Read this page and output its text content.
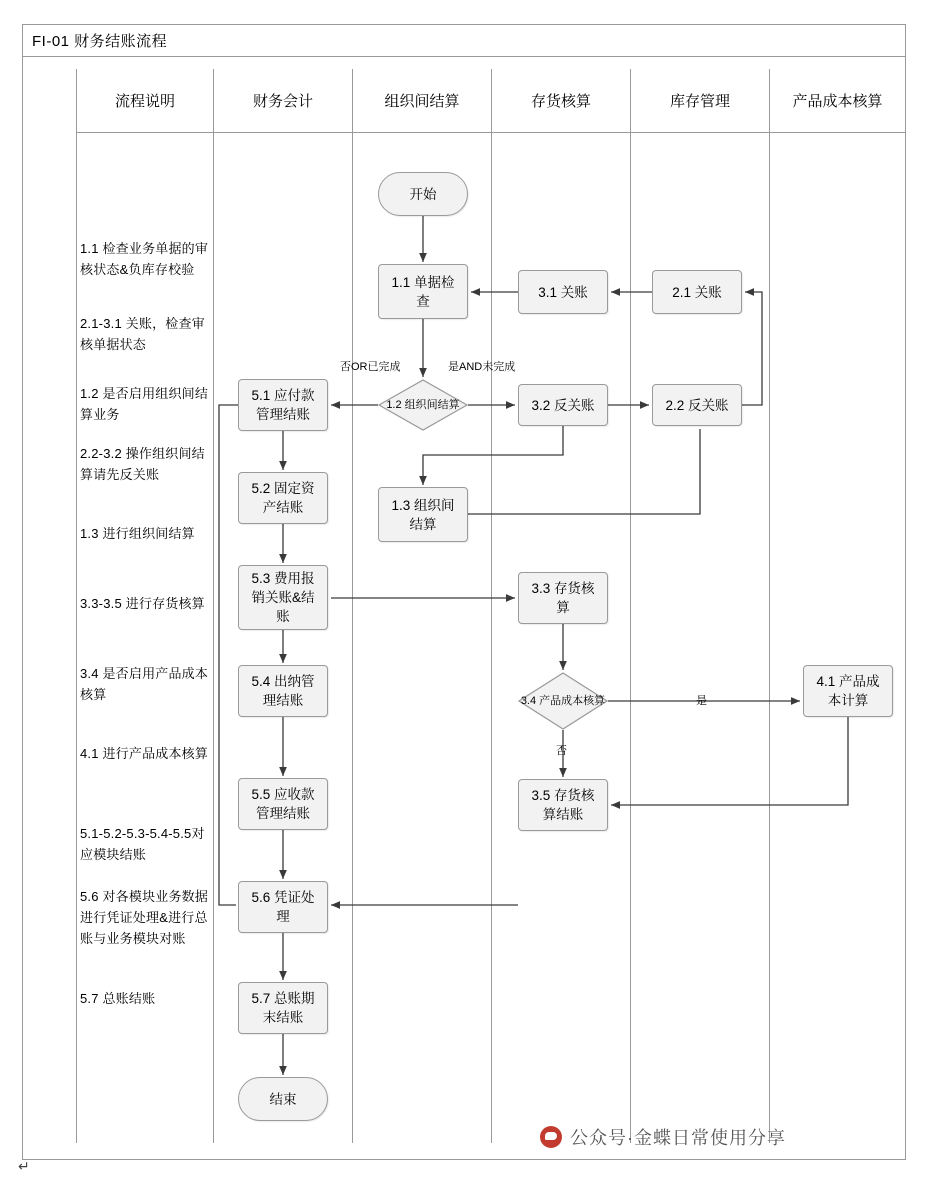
FI-01 财务结账流程
流程说明	财务会计	组织间结算	存货核算	库存管理	产品成本核算
1.1 检查业务单据的审核状态&负库存校验
2.1-3.1 关账，检查审核单据状态
1.2 是否启用组织间结算业务
2.2-3.2 操作组织间结算请先反关账
1.3 进行组织间结算
3.3-3.5 进行存货核算
3.4 是否启用产品成本核算
4.1 进行产品成本核算
5.1-5.2-5.3-5.4-5.5对应模块结账
5.6 对各模块业务数据进行凭证处理&进行总账与业务模块对账
5.7 总账结账
开始
1.1 单据检查
3.1 关账	2.1 关账
5.1 应付款管理结账
3.2 反关账	2.2 反关账
5.2 固定资产结账	1.3 组织间结算
5.3 费用报销关账&结账
3.3 存货核算
5.4 出纳管理结账
4.1 产品成本计算
5.5 应收款管理结账
3.5 存货核算结账
5.6 凭证处理
5.7 总账期末结账
结束
1.2 组织间结算
3.4 产品成本核算
否OR已完成	是AND未完成
是
否
公众号·金蝶日常使用分享
↵
